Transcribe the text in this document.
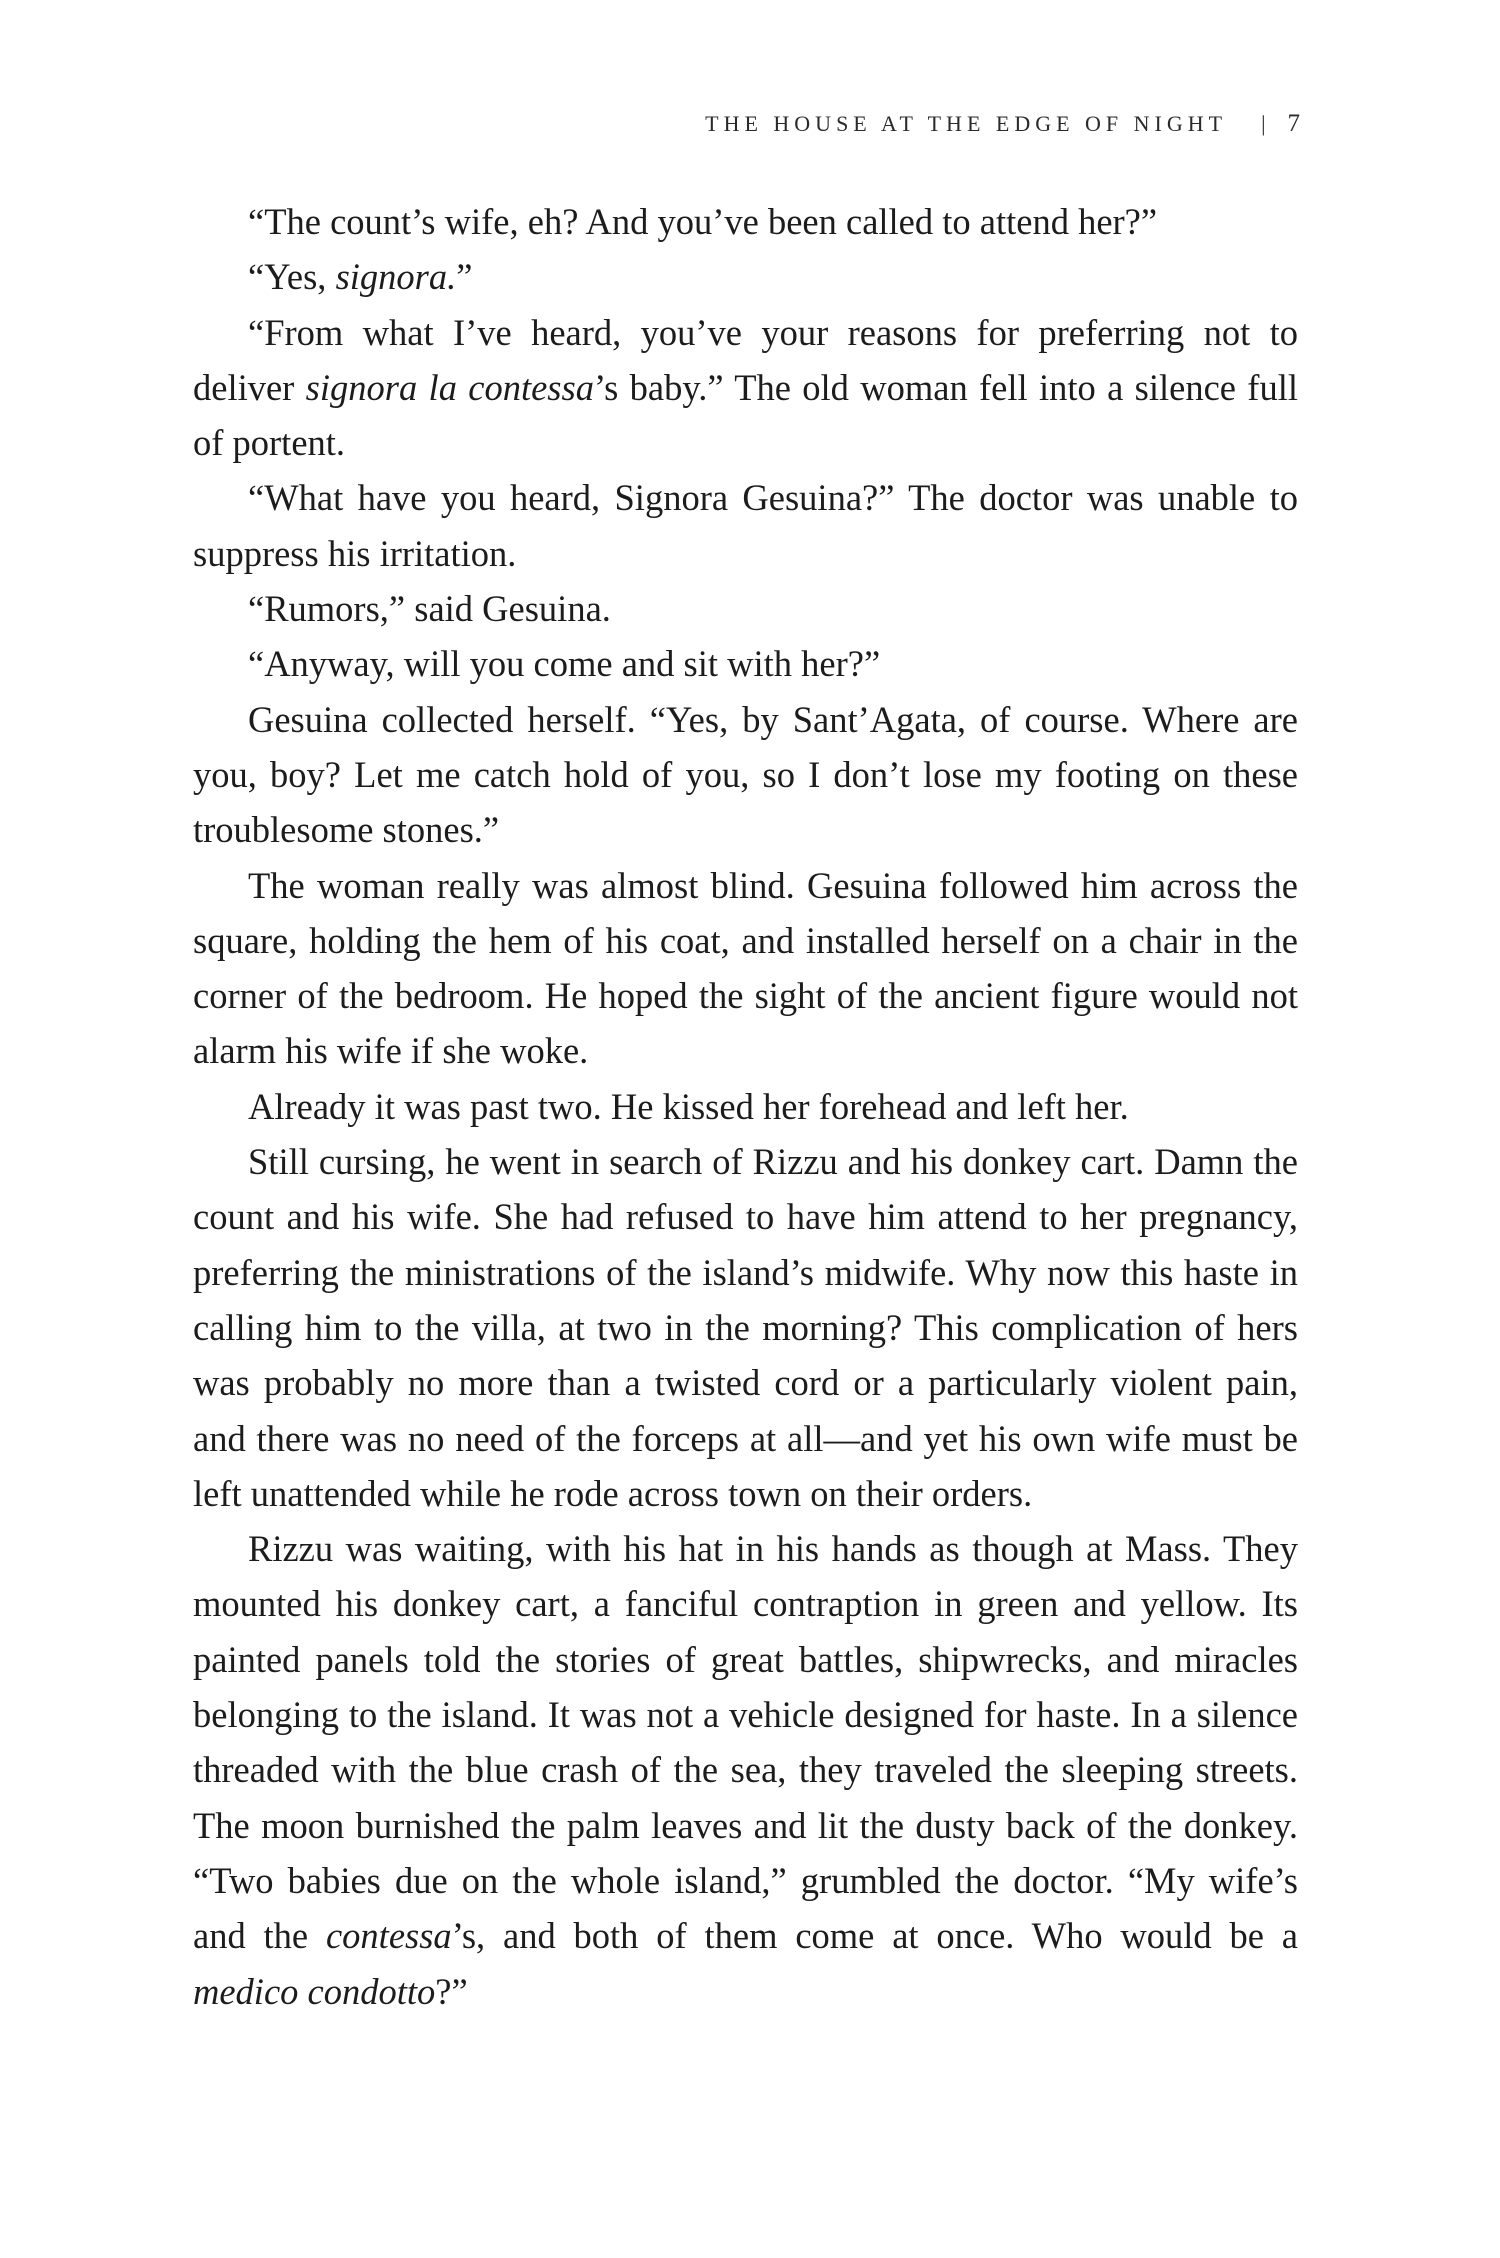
THE HOUSE AT THE EDGE OF NIGHT | 7

“The count’s wife, eh? And you’ve been called to attend her?”

“Yes, signora.”

“From what I’ve heard, you’ve your reasons for preferring not to deliver signora la contessa’s baby.” The old woman fell into a silence full of portent.

“What have you heard, Signora Gesuina?” The doctor was unable to suppress his irritation.

“Rumors,” said Gesuina.

“Anyway, will you come and sit with her?”

Gesuina collected herself. “Yes, by Sant’Agata, of course. Where are you, boy? Let me catch hold of you, so I don’t lose my footing on these troublesome stones.”

The woman really was almost blind. Gesuina followed him across the square, holding the hem of his coat, and installed herself on a chair in the corner of the bedroom. He hoped the sight of the ancient figure would not alarm his wife if she woke.

Already it was past two. He kissed her forehead and left her.

Still cursing, he went in search of Rizzu and his donkey cart. Damn the count and his wife. She had refused to have him attend to her pregnancy, preferring the ministrations of the island’s midwife. Why now this haste in calling him to the villa, at two in the morning? This complication of hers was probably no more than a twisted cord or a particularly violent pain, and there was no need of the forceps at all—and yet his own wife must be left unattended while he rode across town on their orders.

Rizzu was waiting, with his hat in his hands as though at Mass. They mounted his donkey cart, a fanciful contraption in green and yellow. Its painted panels told the stories of great battles, shipwrecks, and miracles belonging to the island. It was not a vehicle designed for haste. In a silence threaded with the blue crash of the sea, they traveled the sleeping streets. The moon burnished the palm leaves and lit the dusty back of the donkey. “Two babies due on the whole island,” grumbled the doctor. “My wife’s and the contessa’s, and both of them come at once. Who would be a medico condotto?”
